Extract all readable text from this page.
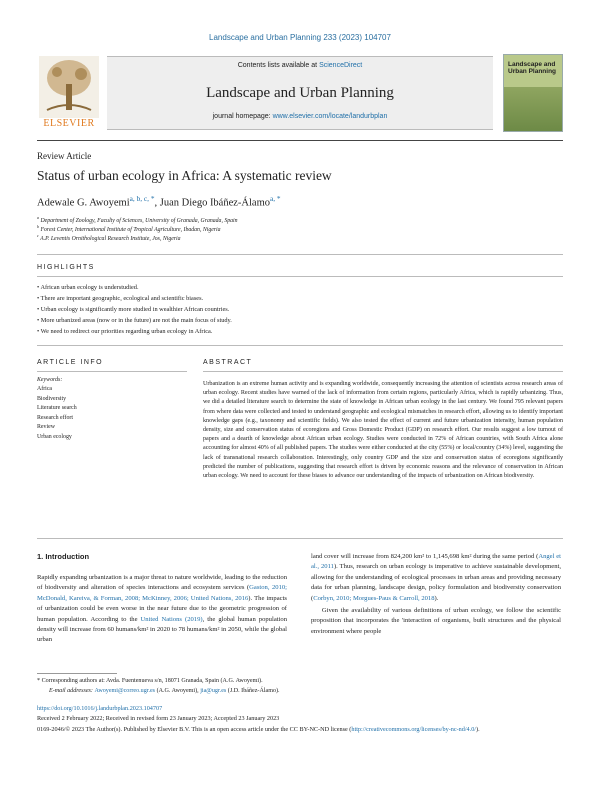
Landscape and Urban Planning 233 (2023) 104707
ELSEVIER
Contents lists available at ScienceDirect
Landscape and Urban Planning
journal homepage: www.elsevier.com/locate/landurbplan
Landscape and Urban Planning
Review Article
Status of urban ecology in Africa: A systematic review
Adewale G. Awoyemi$^{a, b, c, *}$, Juan Diego Ibáñez-Álamo$^{a, *}$
$^a$ Department of Zoology, Faculty of Sciences, University of Granada, Granada, Spain
$^b$ Forest Center, International Institute of Tropical Agriculture, Ibadan, Nigeria
$^c$ A.P. Leventis Ornithological Research Institute, Jos, Nigeria
HIGHLIGHTS
• African urban ecology is understudied.
• There are important geographic, ecological and scientific biases.
• Urban ecology is significantly more studied in wealthier African countries.
• More urbanized areas (now or in the future) are not the main focus of study.
• We need to redirect our priorities regarding urban ecology in Africa.
ARTICLE INFO
Keywords:
Africa
Biodiversity
Literature search
Research effort
Review
Urban ecology
ABSTRACT
Urbanization is an extreme human activity and is expanding worldwide, consequently increasing the attention of scientists across research areas of urban ecology. Recent studies have warned of the lack of information from certain regions, particularly Africa, which is rapidly urbanizing. Thus, we did a detailed literature search to determine the state of knowledge in African urban ecology in the last century. We found 795 relevant papers from where data were collected and tested to understand geographic and ecological mismatches in research effort, allowing us to identify important knowledge gaps (e.g., taxonomy and scientific fields). We also tested the effect of current and future urbanization intensity, human population density, size and conservation status of ecoregions and Gross Domestic Product (GDP) on research effort. Our results suggest a low turnout of papers and a dearth of knowledge about African urban ecology. Studies were conducted in 72% of African countries, with South Africa alone accounting for almost 40% of all published papers. The studies were either conducted at the city (55%) or local/country (34%) level, suggesting the lack of transnational research collaboration. Interestingly, only country GDP and the size and conservation status of ecoregions significantly predicted the number of publications, suggesting that research effort is driven by economic reasons and the relevance of conservation in African urban ecology. We need to account for these biases to advance our understanding of the impacts of urbanization on African biodiversity.
1. Introduction
Rapidly expanding urbanization is a major threat to nature worldwide, leading to the reduction of biodiversity and alteration of species interactions and ecosystem services (Gaston, 2010; McDonald, Kareiva, & Forman, 2008; McKinney, 2006; United Nations, 2016). The impacts of urbanization could be even worse in the near future due to the geometric progression of human population. According to the United Nations (2019), the global human population density will increase from 60 humans/km² in 2020 to 78 humans/km² in 2050, while the global urban
land cover will increase from 824,200 km² to 1,145,698 km² during the same period (Angel et al., 2011). Thus, research on urban ecology is imperative to achieve sustainable development, allowing for the understanding of ecological processes in urban areas and providing necessary data for urban planning, landscape design, policy formulation and biodiversity conservation (Corbyn, 2010; Morgues-Paus & Carroll, 2018).
Given the availability of various definitions of urban ecology, we follow the scientific proposition that incorporates the 'interaction of organisms, built structures and the physical environment where people
* Corresponding authors at: Avda. Fuentenueva s/n, 18071 Granada, Spain (A.G. Awoyemi).
E-mail addresses: Awoyemi@correo.ugr.es (A.G. Awoyemi), jia@ugr.es (J.D. Ibáñez-Álamo).
https://doi.org/10.1016/j.landurbplan.2023.104707
Received 2 February 2022; Received in revised form 23 January 2023; Accepted 23 January 2023
0169-2046/© 2023 The Author(s). Published by Elsevier B.V. This is an open access article under the CC BY-NC-ND license (http://creativecommons.org/licenses/by-nc-nd/4.0/).
